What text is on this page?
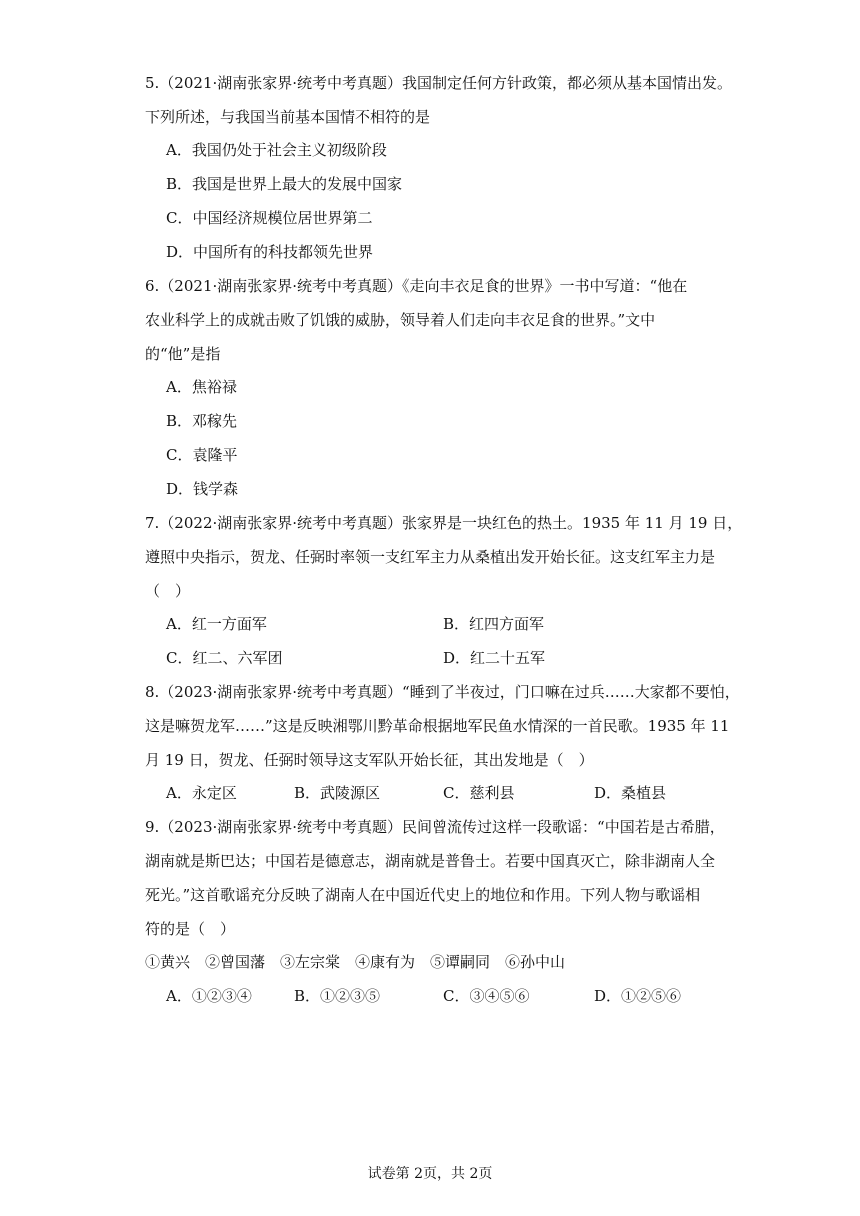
5.（2021·湖南张家界·统考中考真题）我国制定任何方针政策，都必须从基本国情出发。
下列所述，与我国当前基本国情不相符的是
A．我国仍处于社会主义初级阶段
B．我国是世界上最大的发展中国家
C．中国经济规模位居世界第二
D．中国所有的科技都领先世界
6.（2021·湖南张家界·统考中考真题）《走向丰衣足食的世界》一书中写道：“他在
农业科学上的成就击败了饥饿的威胁，领导着人们走向丰衣足食的世界。”文中
的“他”是指
A．焦裕禄
B．邓稼先
C．袁隆平
D．钱学森
7.（2022·湖南张家界·统考中考真题）张家界是一块红色的热土。1935 年 11 月 19 日，
遵照中央指示，贺龙、任弼时率领一支红军主力从桑植出发开始长征。这支红军主力是
（　）
A．红一方面军	B．红四方面军
C．红二、六军团	D．红二十五军
8.（2023·湖南张家界·统考中考真题）“睡到了半夜过，门口嘛在过兵……大家都不要怕，
这是嘛贺龙军……”这是反映湘鄂川黔革命根据地军民鱼水情深的一首民歌。1935 年 11
月 19 日，贺龙、任弼时领导这支军队开始长征，其出发地是（　）
A．永定区	B．武陵源区	C．慈利县	D．桑植县
9.（2023·湖南张家界·统考中考真题）民间曾流传过这样一段歌谣：“中国若是古希腊，
湖南就是斯巴达；中国若是德意志，湖南就是普鲁士。若要中国真灭亡，除非湖南人全
死光。”这首歌谣充分反映了湖南人在中国近代史上的地位和作用。下列人物与歌谣相
符的是（　）
①黄兴　②曾国藩　③左宗棠　④康有为　⑤谭嗣同　⑥孙中山
A．①②③④	B．①②③⑤	C．③④⑤⑥	D．①②⑤⑥
试卷第 2页，共 2页
